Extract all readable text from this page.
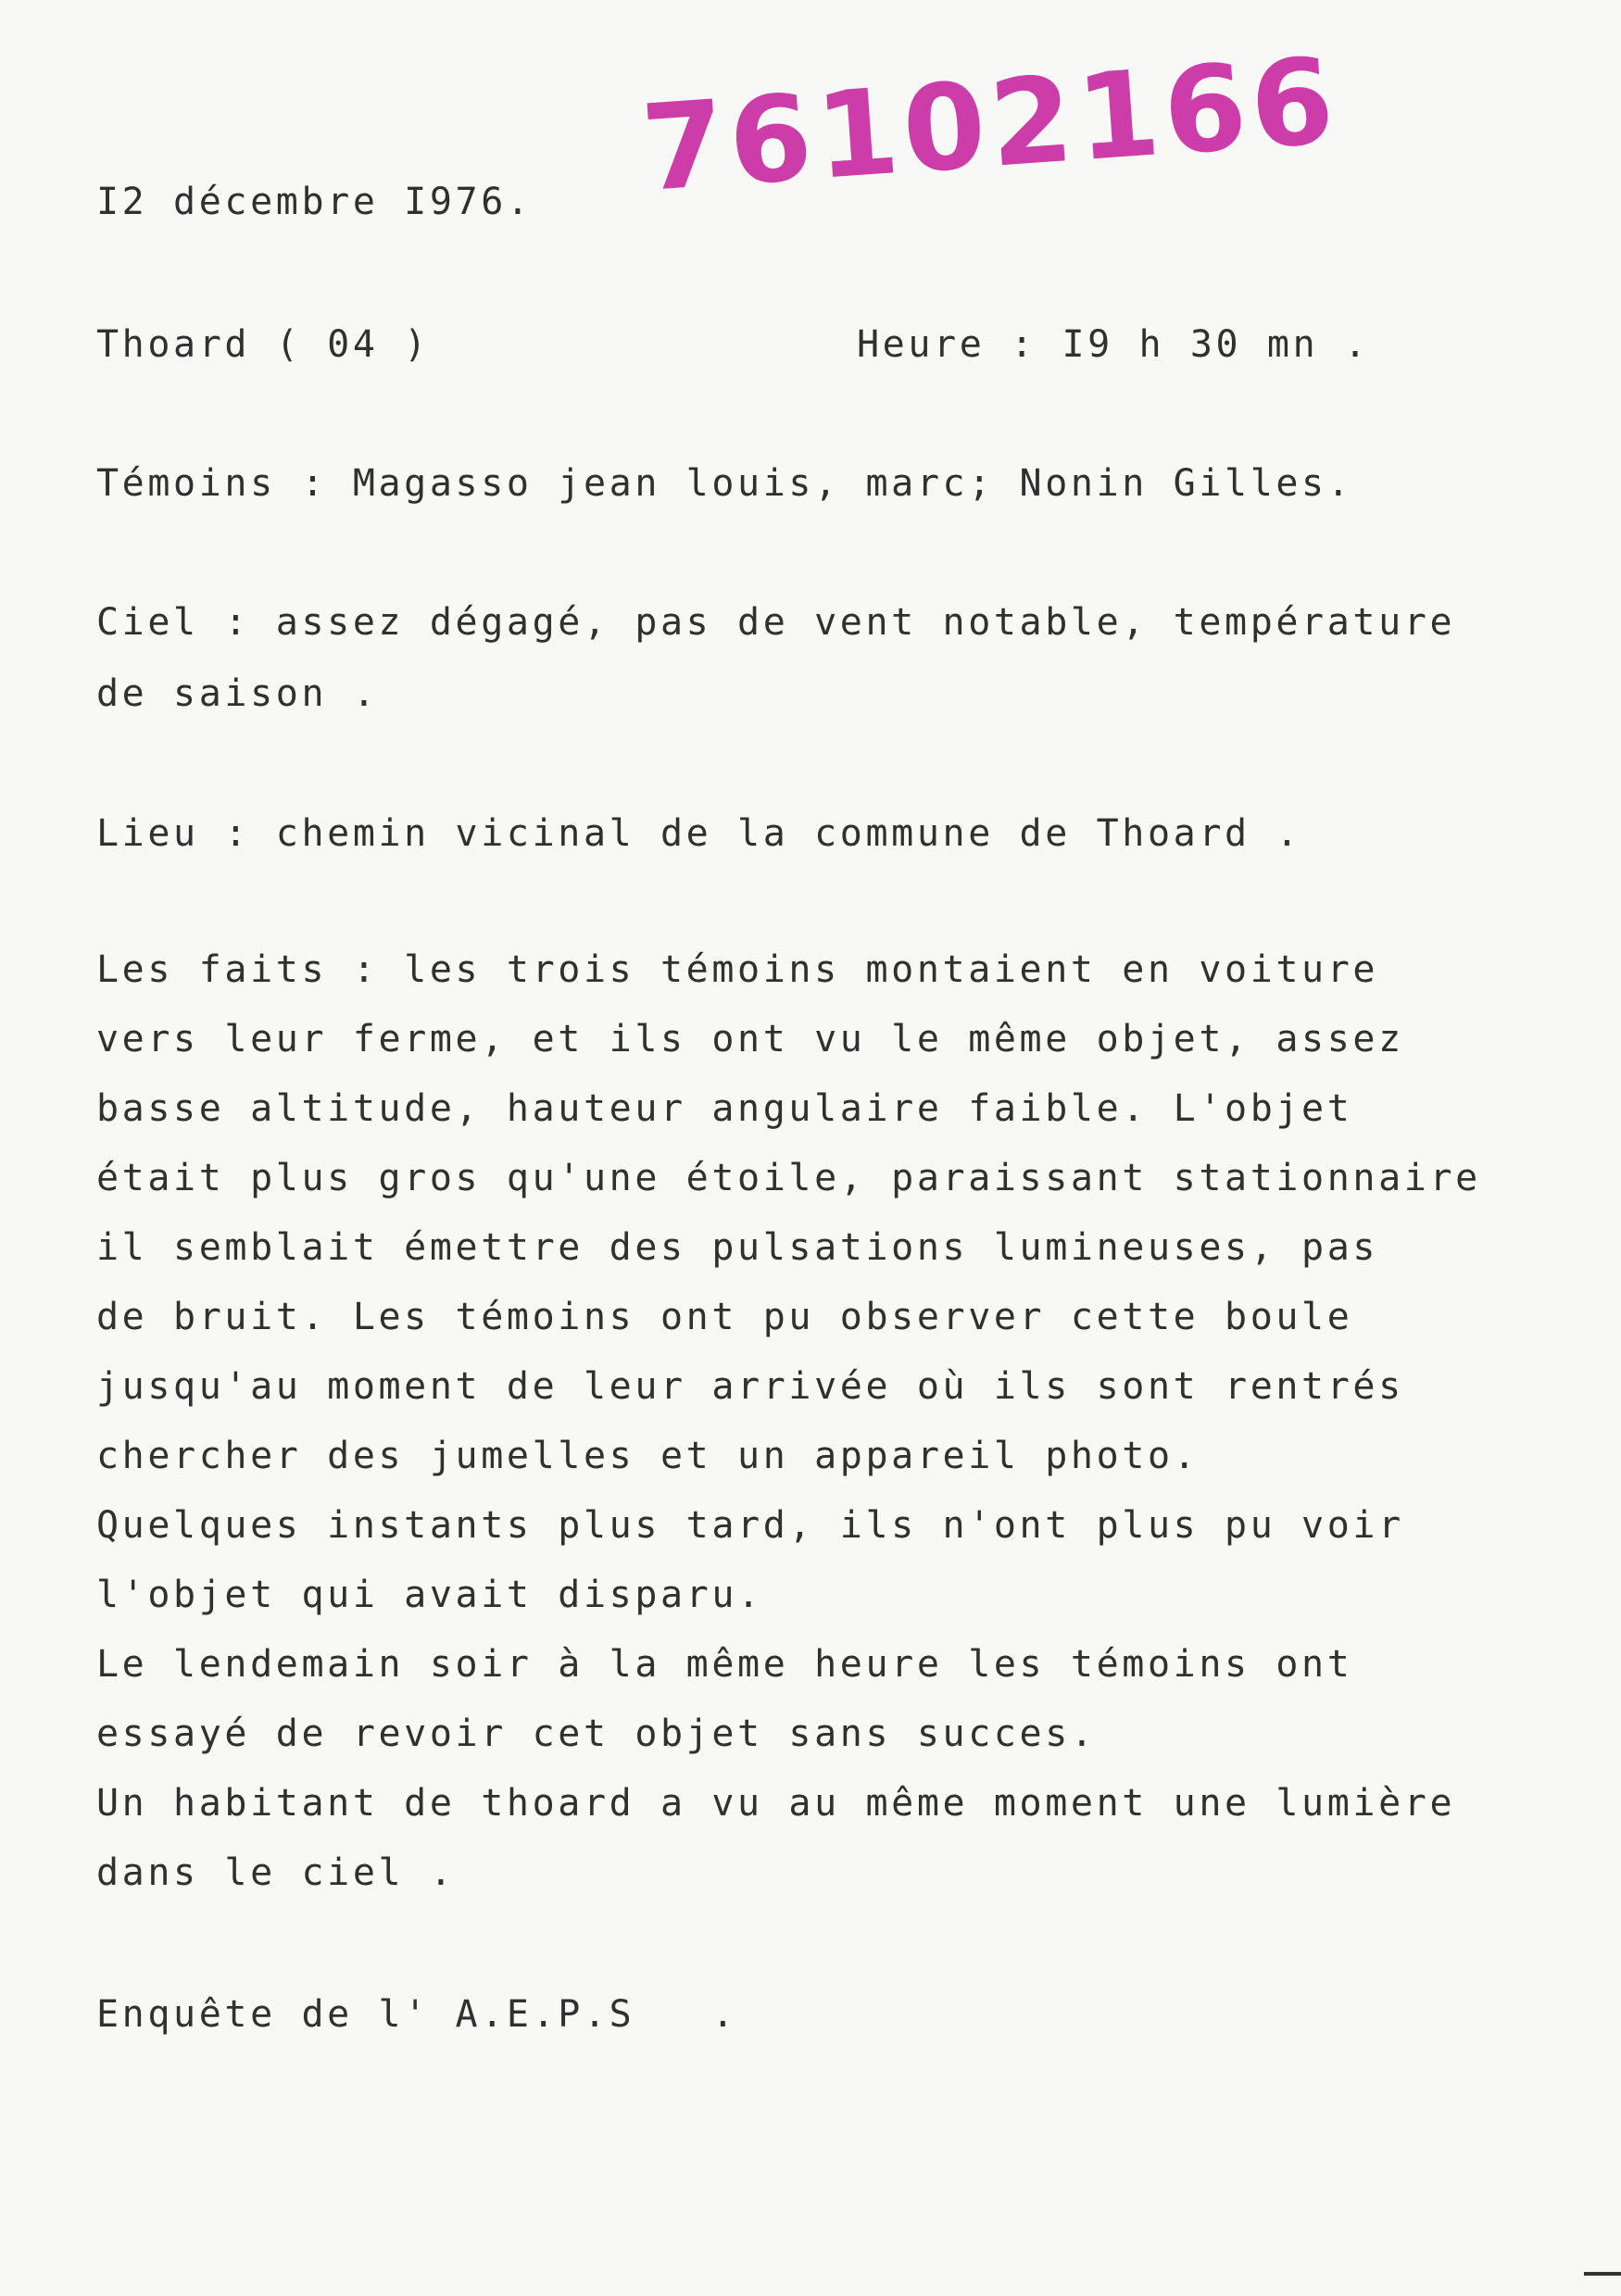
I2 décembre I976. 76102166
Thoard ( 04 )	Heure : I9 h 30 mn .
Témoins : Magasso jean louis, marc; Nonin Gilles.
Ciel : assez dégagé, pas de vent notable, température
de saison .
Lieu : chemin vicinal de la commune de Thoard .
Les faits : les trois témoins montaient en voiture
vers leur ferme, et ils ont vu le même objet, assez
basse altitude, hauteur angulaire faible. L'objet
était plus gros qu'une étoile, paraissant stationnaire
il semblait émettre des pulsations lumineuses, pas
de bruit. Les témoins ont pu observer cette boule
jusqu'au moment de leur arrivée où ils sont rentrés
chercher des jumelles et un appareil photo.
Quelques instants plus tard, ils n'ont plus pu voir
l'objet qui avait disparu.
Le lendemain soir à la même heure les témoins ont
essayé de revoir cet objet sans succes.
Un habitant de thoard a vu au même moment une lumière
dans le ciel .
Enquête de l' A.E.P.S   .
